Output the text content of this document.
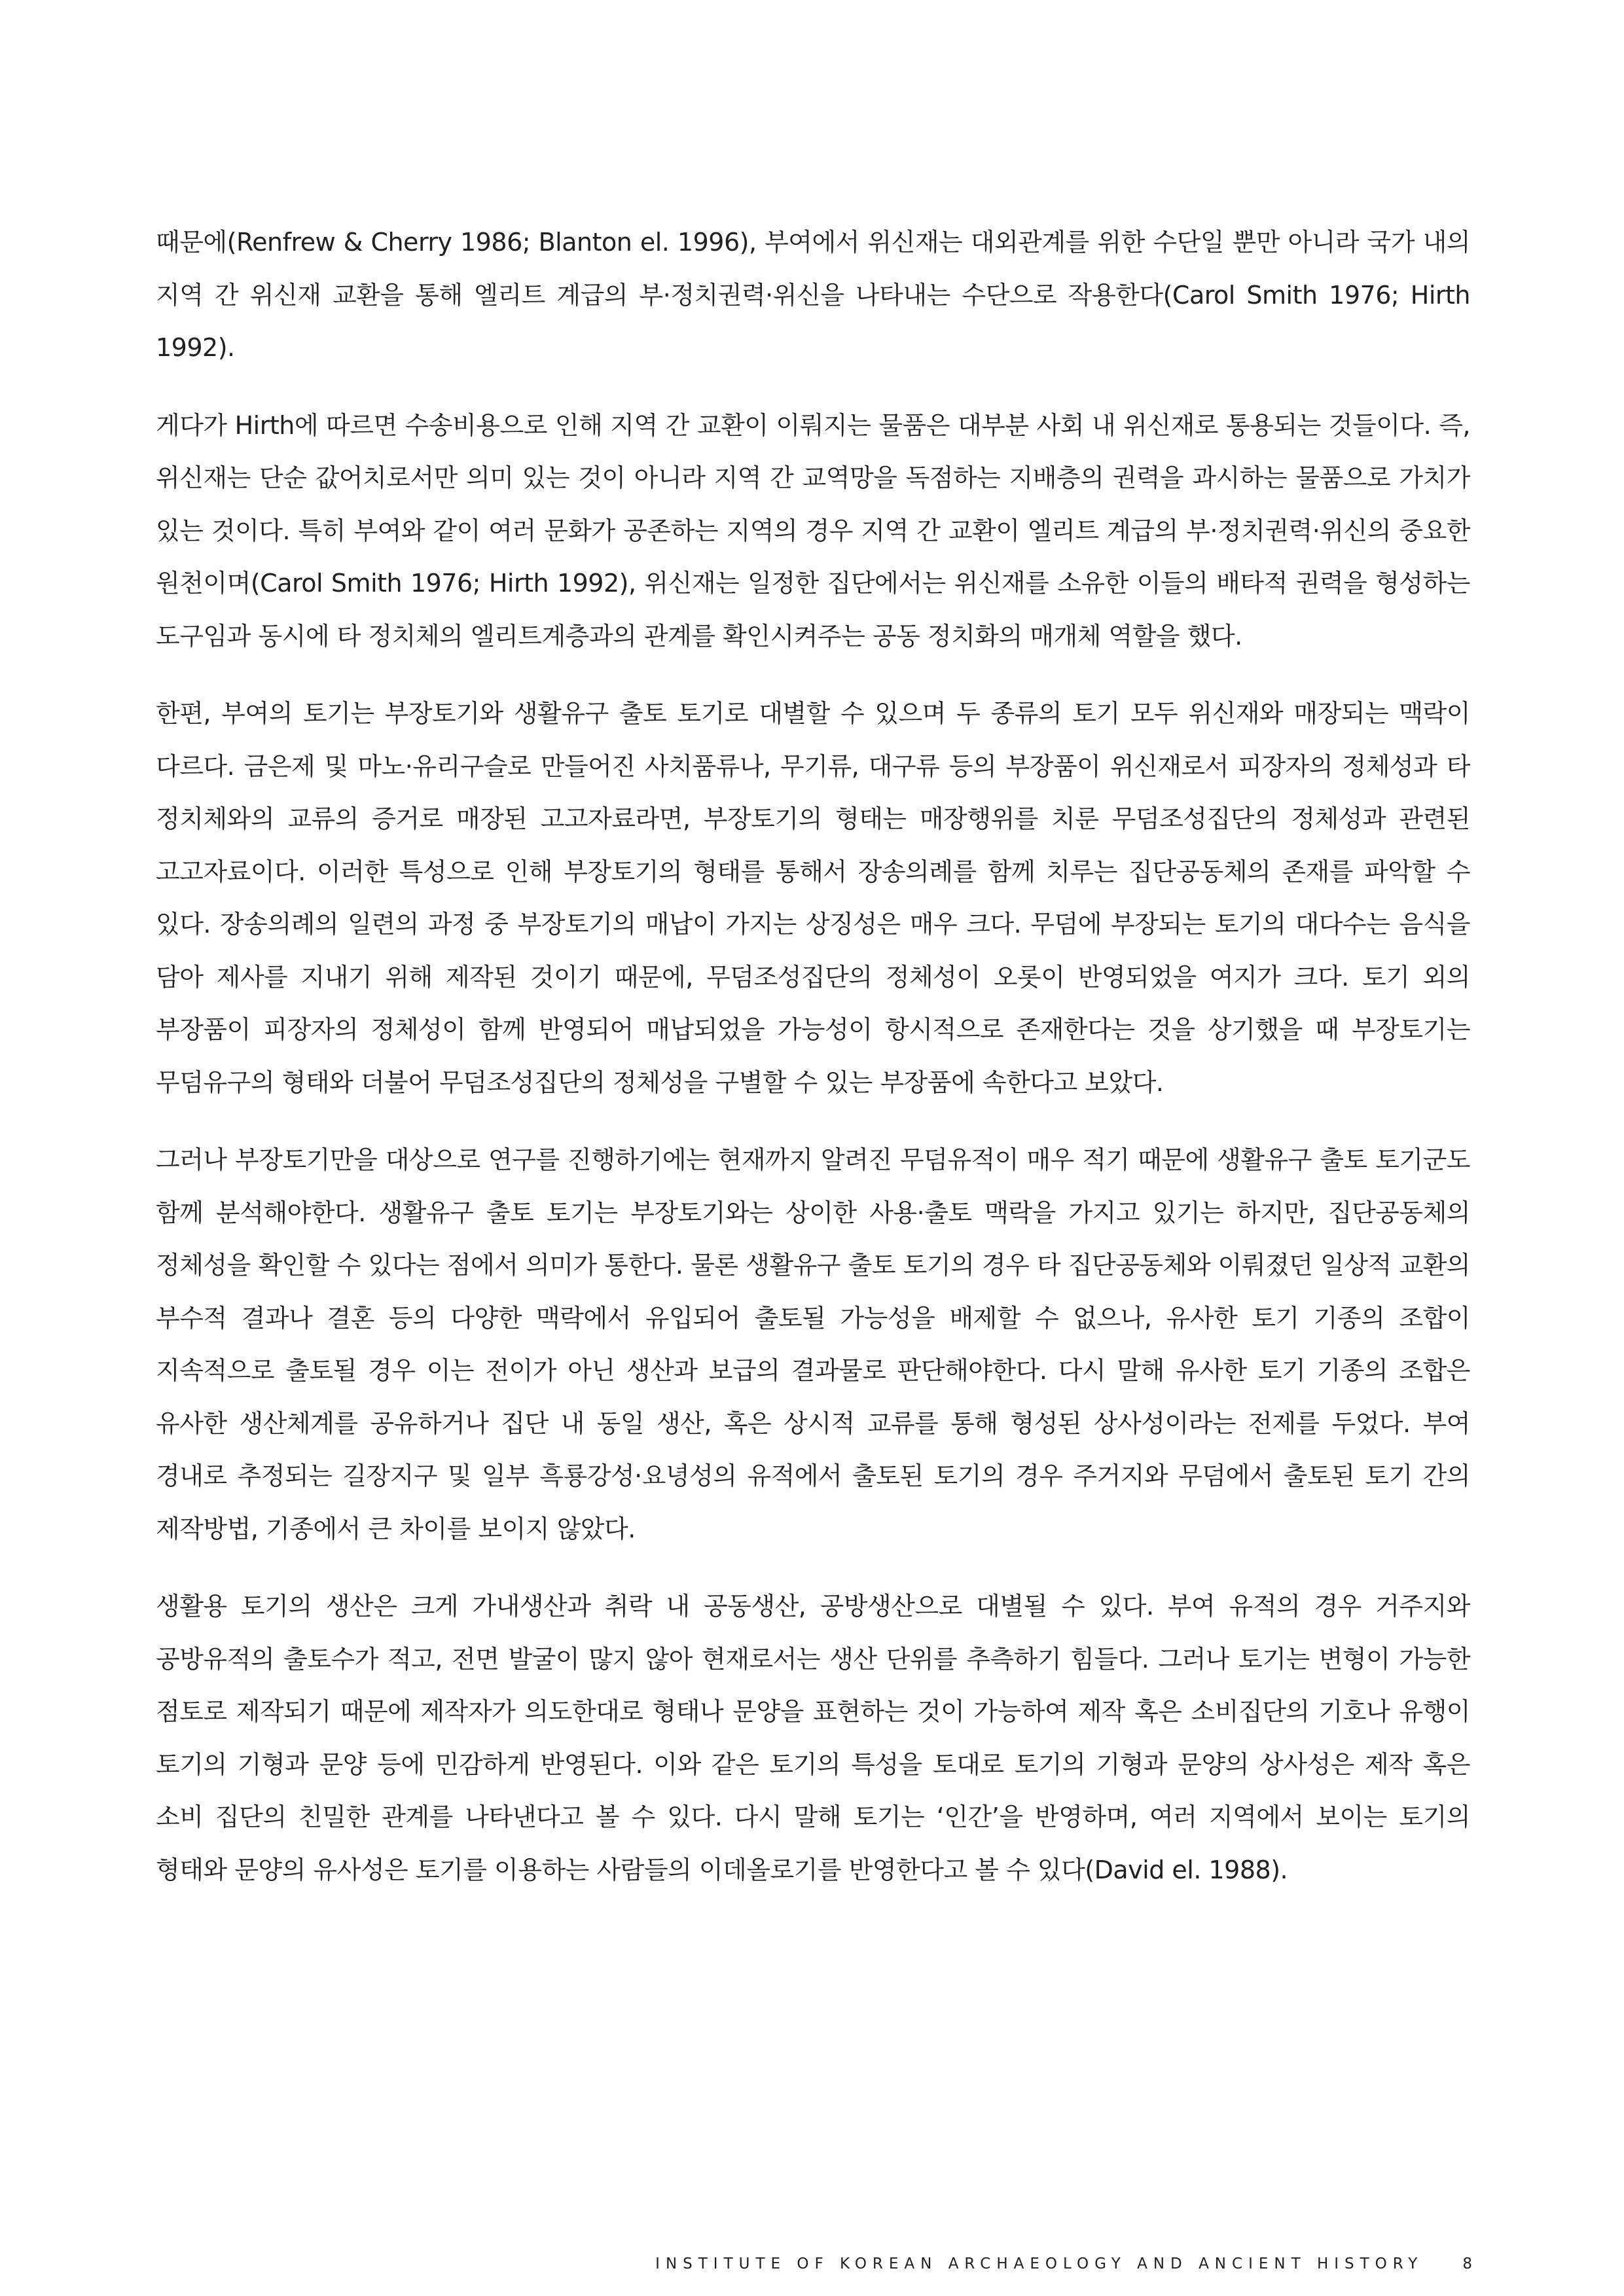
때문에(Renfrew & Cherry 1986; Blanton el. 1996), 부여에서 위신재는 대외관계를 위한 수단일 뿐만 아니라 국가 내의 지역 간 위신재 교환을 통해 엘리트 계급의 부·정치권력·위신을 나타내는 수단으로 작용한다(Carol Smith 1976; Hirth 1992).

게다가 Hirth에 따르면 수송비용으로 인해 지역 간 교환이 이뤄지는 물품은 대부분 사회 내 위신재로 통용되는 것들이다. 즉, 위신재는 단순 값어치로서만 의미 있는 것이 아니라 지역 간 교역망을 독점하는 지배층의 권력을 과시하는 물품으로 가치가 있는 것이다. 특히 부여와 같이 여러 문화가 공존하는 지역의 경우 지역 간 교환이 엘리트 계급의 부·정치권력·위신의 중요한 원천이며(Carol Smith 1976; Hirth 1992), 위신재는 일정한 집단에서는 위신재를 소유한 이들의 배타적 권력을 형성하는 도구임과 동시에 타 정치체의 엘리트계층과의 관계를 확인시켜주는 공동 정치화의 매개체 역할을 했다.

한편, 부여의 토기는 부장토기와 생활유구 출토 토기로 대별할 수 있으며 두 종류의 토기 모두 위신재와 매장되는 맥락이 다르다. 금은제 및 마노·유리구슬로 만들어진 사치품류나, 무기류, 대구류 등의 부장품이 위신재로서 피장자의 정체성과 타 정치체와의 교류의 증거로 매장된 고고자료라면, 부장토기의 형태는 매장행위를 치룬 무덤조성집단의 정체성과 관련된 고고자료이다. 이러한 특성으로 인해 부장토기의 형태를 통해서 장송의례를 함께 치루는 집단공동체의 존재를 파악할 수 있다. 장송의례의 일련의 과정 중 부장토기의 매납이 가지는 상징성은 매우 크다. 무덤에 부장되는 토기의 대다수는 음식을 담아 제사를 지내기 위해 제작된 것이기 때문에, 무덤조성집단의 정체성이 오롯이 반영되었을 여지가 크다. 토기 외의 부장품이 피장자의 정체성이 함께 반영되어 매납되었을 가능성이 항시적으로 존재한다는 것을 상기했을 때 부장토기는 무덤유구의 형태와 더불어 무덤조성집단의 정체성을 구별할 수 있는 부장품에 속한다고 보았다.

그러나 부장토기만을 대상으로 연구를 진행하기에는 현재까지 알려진 무덤유적이 매우 적기 때문에 생활유구 출토 토기군도 함께 분석해야한다. 생활유구 출토 토기는 부장토기와는 상이한 사용·출토 맥락을 가지고 있기는 하지만, 집단공동체의 정체성을 확인할 수 있다는 점에서 의미가 통한다. 물론 생활유구 출토 토기의 경우 타 집단공동체와 이뤄졌던 일상적 교환의 부수적 결과나 결혼 등의 다양한 맥락에서 유입되어 출토될 가능성을 배제할 수 없으나, 유사한 토기 기종의 조합이 지속적으로 출토될 경우 이는 전이가 아닌 생산과 보급의 결과물로 판단해야한다. 다시 말해 유사한 토기 기종의 조합은 유사한 생산체계를 공유하거나 집단 내 동일 생산, 혹은 상시적 교류를 통해 형성된 상사성이라는 전제를 두었다. 부여 경내로 추정되는 길장지구 및 일부 흑룡강성·요녕성의 유적에서 출토된 토기의 경우 주거지와 무덤에서 출토된 토기 간의 제작방법, 기종에서 큰 차이를 보이지 않았다.

생활용 토기의 생산은 크게 가내생산과 취락 내 공동생산, 공방생산으로 대별될 수 있다. 부여 유적의 경우 거주지와 공방유적의 출토수가 적고, 전면 발굴이 많지 않아 현재로서는 생산 단위를 추측하기 힘들다. 그러나 토기는 변형이 가능한 점토로 제작되기 때문에 제작자가 의도한대로 형태나 문양을 표현하는 것이 가능하여 제작 혹은 소비집단의 기호나 유행이 토기의 기형과 문양 등에 민감하게 반영된다. 이와 같은 토기의 특성을 토대로 토기의 기형과 문양의 상사성은 제작 혹은 소비 집단의 친밀한 관계를 나타낸다고 볼 수 있다. 다시 말해 토기는 ‘인간’을 반영하며, 여러 지역에서 보이는 토기의 형태와 문양의 유사성은 토기를 이용하는 사람들의 이데올로기를 반영한다고 볼 수 있다(David el. 1988).

INSTITUTE OF KOREAN ARCHAEOLOGY AND ANCIENT HISTORY	8
